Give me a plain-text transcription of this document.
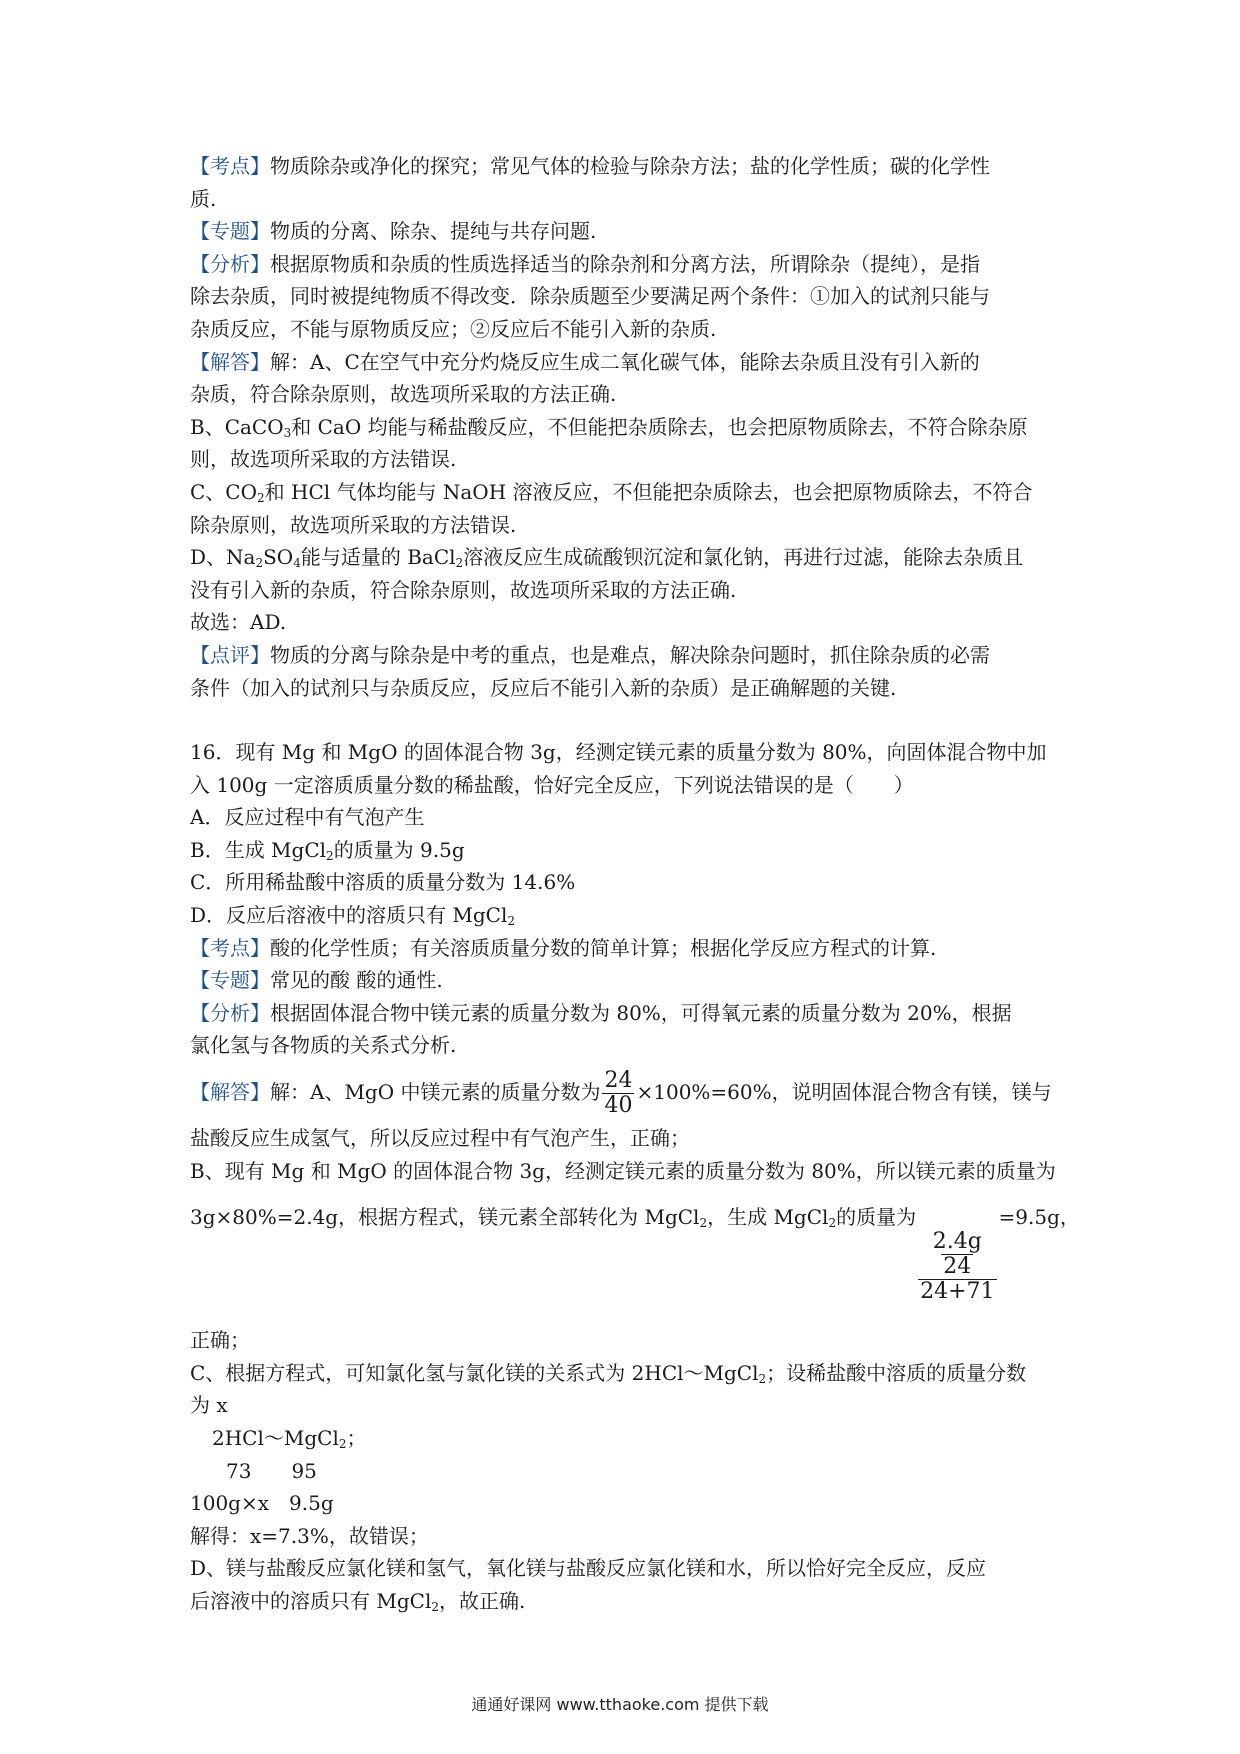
【考点】物质除杂或净化的探究；常见气体的检验与除杂方法；盐的化学性质；碳的化学性
质.
【专题】物质的分离、除杂、提纯与共存问题.
【分析】根据原物质和杂质的性质选择适当的除杂剂和分离方法，所谓除杂（提纯），是指
除去杂质，同时被提纯物质不得改变．除杂质题至少要满足两个条件：①加入的试剂只能与
杂质反应，不能与原物质反应；②反应后不能引入新的杂质.
【解答】解：A、C在空气中充分灼烧反应生成二氧化碳气体，能除去杂质且没有引入新的
杂质，符合除杂原则，故选项所采取的方法正确.
B、CaCO$_3$和 CaO 均能与稀盐酸反应，不但能把杂质除去，也会把原物质除去，不符合除杂原
则，故选项所采取的方法错误.
C、$CO_2$和 HCl 气体均能与 NaOH 溶液反应，不但能把杂质除去，也会把原物质除去，不符合
除杂原则，故选项所采取的方法错误.
D、$Na_2SO_4$能与适量的 BaCl$_2$溶液反应生成硫酸钡沉淀和氯化钠，再进行过滤，能除去杂质且
没有引入新的杂质，符合除杂原则，故选项所采取的方法正确.
故选：AD.
【点评】物质的分离与除杂是中考的重点，也是难点，解决除杂问题时，抓住除杂质的必需
条件（加入的试剂只与杂质反应，反应后不能引入新的杂质）是正确解题的关键.
16．现有 Mg 和 MgO 的固体混合物 3g，经测定镁元素的质量分数为 80%，向固体混合物中加
入 100g 一定溶质质量分数的稀盐酸，恰好完全反应，下列说法错误的是（　　）
A．反应过程中有气泡产生
B．生成 MgCl$_2$的质量为 9.5g
C．所用稀盐酸中溶质的质量分数为 14.6%
D．反应后溶液中的溶质只有 MgCl$_2$
【考点】酸的化学性质；有关溶质质量分数的简单计算；根据化学反应方程式的计算.
【专题】常见的酸 酸的通性.
【分析】根据固体混合物中镁元素的质量分数为 80%，可得氧元素的质量分数为 20%，根据
氯化氢与各物质的关系式分析.
【解答】解：A、MgO 中镁元素的质量分数为 $\frac{24}{40} \times 100\%=60\%$，说明固体混合物含有镁，镁与
盐酸反应生成氢气，所以反应过程中有气泡产生，正确；
B、现有 Mg 和 MgO 的固体混合物 3g，经测定镁元素的质量分数为 80%，所以镁元素的质量为
3g×80%=2.4g，根据方程式，镁元素全部转化为 MgCl$_2$，生成 MgCl$_2$的质量为
2.4g
24
24+71
=9.5g，
正确；
C、根据方程式，可知氯化氢与氯化镁的关系式为 2HCl～MgCl$_2$；设稀盐酸中溶质的质量分数
为 x
2HCl～MgCl$_2$；
73　　95
100g×x　9.5g
解得：x=7.3%，故错误；
D、镁与盐酸反应氯化镁和氢气，氧化镁与盐酸反应氯化镁和水，所以恰好完全反应，反应
后溶液中的溶质只有 MgCl$_2$，故正确.
通通好课网 www.tthaoke.com 提供下载
